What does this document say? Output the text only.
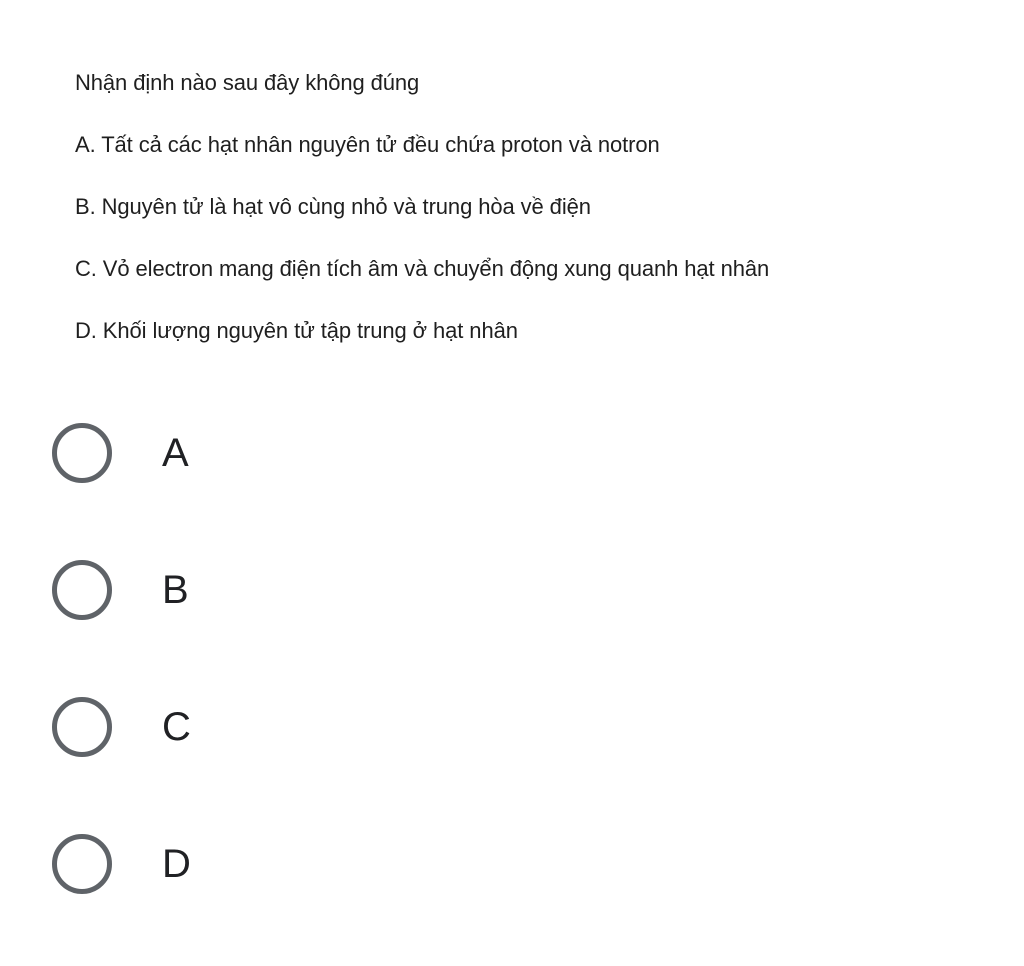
Nhận định nào sau đây không đúng

A. Tất cả các hạt nhân nguyên tử đều chứa proton và notron

B. Nguyên tử là hạt vô cùng nhỏ và trung hòa về điện

C. Vỏ electron mang điện tích âm và chuyển động xung quanh hạt nhân

D. Khối lượng nguyên tử tập trung ở hạt nhân

A
B
C
D
